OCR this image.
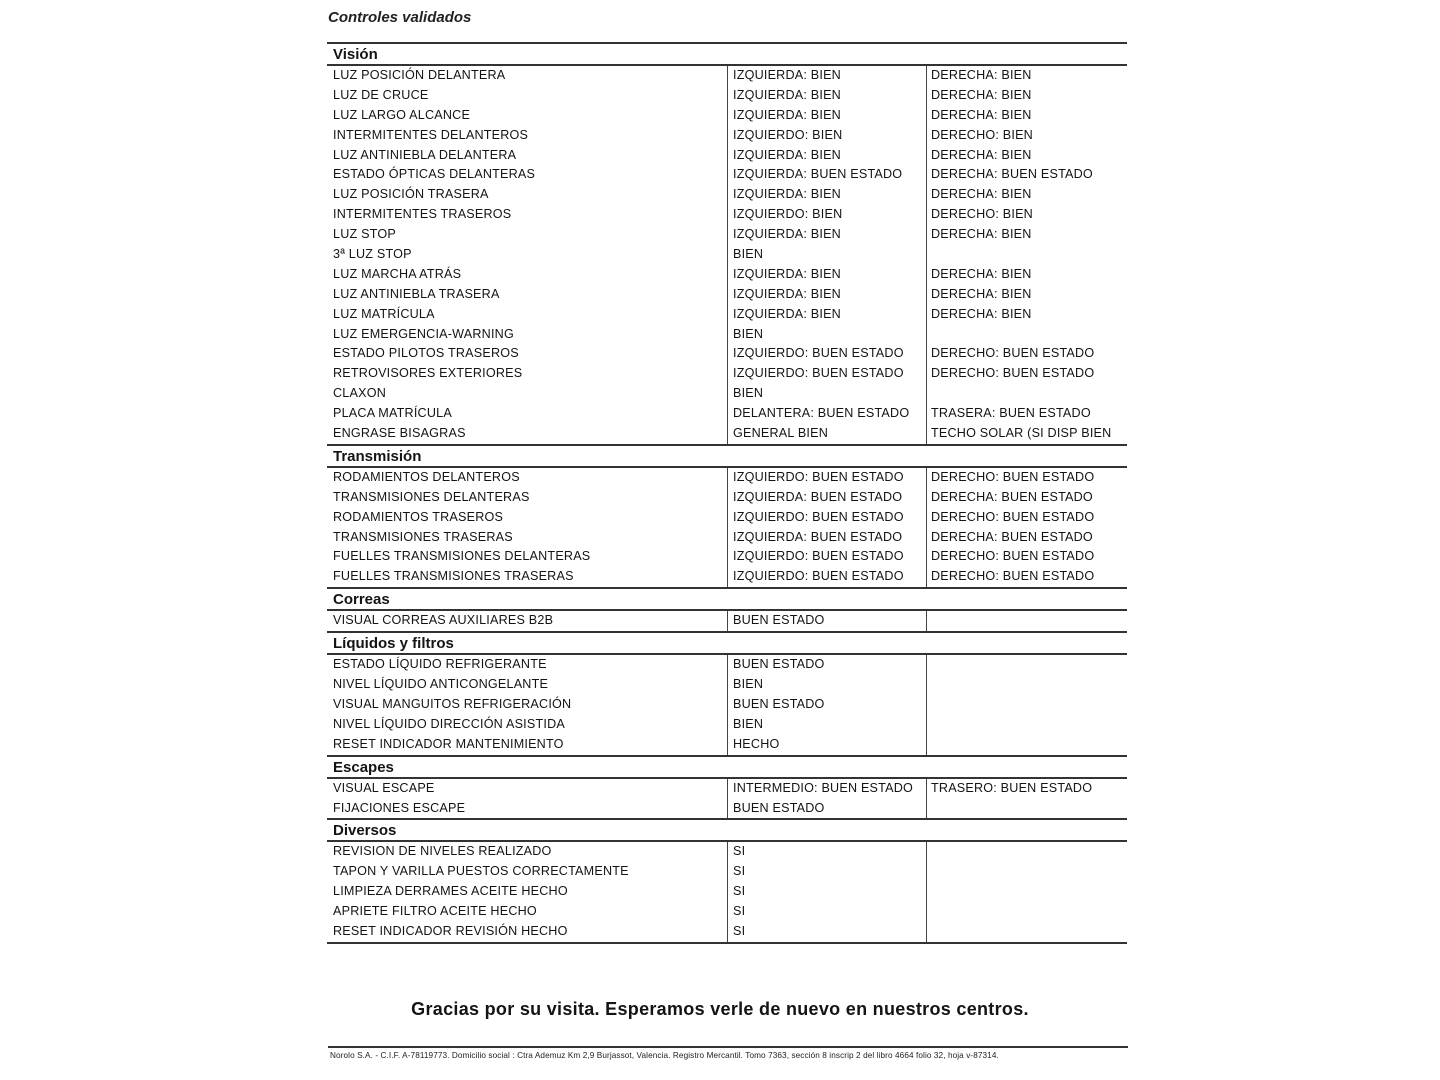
Controles validados
Visión
LUZ POSICIÓN DELANTERA	IZQUIERDA: BIEN	DERECHA: BIEN
LUZ DE CRUCE	IZQUIERDA: BIEN	DERECHA: BIEN
LUZ LARGO ALCANCE	IZQUIERDA: BIEN	DERECHA: BIEN
INTERMITENTES DELANTEROS	IZQUIERDO: BIEN	DERECHO: BIEN
LUZ ANTINIEBLA DELANTERA	IZQUIERDA: BIEN	DERECHA: BIEN
ESTADO ÓPTICAS DELANTERAS	IZQUIERDA: BUEN ESTADO	DERECHA: BUEN ESTADO
LUZ POSICIÓN TRASERA	IZQUIERDA: BIEN	DERECHA: BIEN
INTERMITENTES TRASEROS	IZQUIERDO: BIEN	DERECHO: BIEN
LUZ STOP	IZQUIERDA: BIEN	DERECHA: BIEN
3ª LUZ STOP	BIEN
LUZ MARCHA ATRÁS	IZQUIERDA: BIEN	DERECHA: BIEN
LUZ ANTINIEBLA TRASERA	IZQUIERDA: BIEN	DERECHA: BIEN
LUZ MATRÍCULA	IZQUIERDA: BIEN	DERECHA: BIEN
LUZ EMERGENCIA-WARNING	BIEN
ESTADO PILOTOS TRASEROS	IZQUIERDO: BUEN ESTADO	DERECHO: BUEN ESTADO
RETROVISORES EXTERIORES	IZQUIERDO: BUEN ESTADO	DERECHO: BUEN ESTADO
CLAXON	BIEN
PLACA MATRÍCULA	DELANTERA: BUEN ESTADO	TRASERA: BUEN ESTADO
ENGRASE BISAGRAS	GENERAL BIEN	TECHO SOLAR (SI DISP BIEN
Transmisión
RODAMIENTOS DELANTEROS	IZQUIERDO: BUEN ESTADO	DERECHO: BUEN ESTADO
TRANSMISIONES DELANTERAS	IZQUIERDA: BUEN ESTADO	DERECHA: BUEN ESTADO
RODAMIENTOS TRASEROS	IZQUIERDO: BUEN ESTADO	DERECHO: BUEN ESTADO
TRANSMISIONES TRASERAS	IZQUIERDA: BUEN ESTADO	DERECHA: BUEN ESTADO
FUELLES TRANSMISIONES DELANTERAS	IZQUIERDO: BUEN ESTADO	DERECHO: BUEN ESTADO
FUELLES TRANSMISIONES TRASERAS	IZQUIERDO: BUEN ESTADO	DERECHO: BUEN ESTADO
Correas
VISUAL CORREAS AUXILIARES B2B	BUEN ESTADO
Líquidos y filtros
ESTADO LÍQUIDO REFRIGERANTE	BUEN ESTADO
NIVEL LÍQUIDO ANTICONGELANTE	BIEN
VISUAL MANGUITOS REFRIGERACIÓN	BUEN ESTADO
NIVEL LÍQUIDO DIRECCIÓN ASISTIDA	BIEN
RESET INDICADOR MANTENIMIENTO	HECHO
Escapes
VISUAL ESCAPE	INTERMEDIO: BUEN ESTADO	TRASERO: BUEN ESTADO
FIJACIONES ESCAPE	BUEN ESTADO
Diversos
REVISION DE NIVELES REALIZADO	SI
TAPON Y VARILLA PUESTOS CORRECTAMENTE	SI
LIMPIEZA DERRAMES ACEITE HECHO	SI
APRIETE FILTRO ACEITE HECHO	SI
RESET INDICADOR REVISIÓN HECHO	SI
Gracias por su visita. Esperamos verle de nuevo en nuestros centros.
Norolo S.A. - C.I.F. A-78119773. Domicilio social : Ctra Ademuz Km 2,9 Burjassot, Valencia. Registro Mercantil. Tomo 7363, sección 8 inscrip 2 del libro 4664 folio 32, hoja v-87314.
